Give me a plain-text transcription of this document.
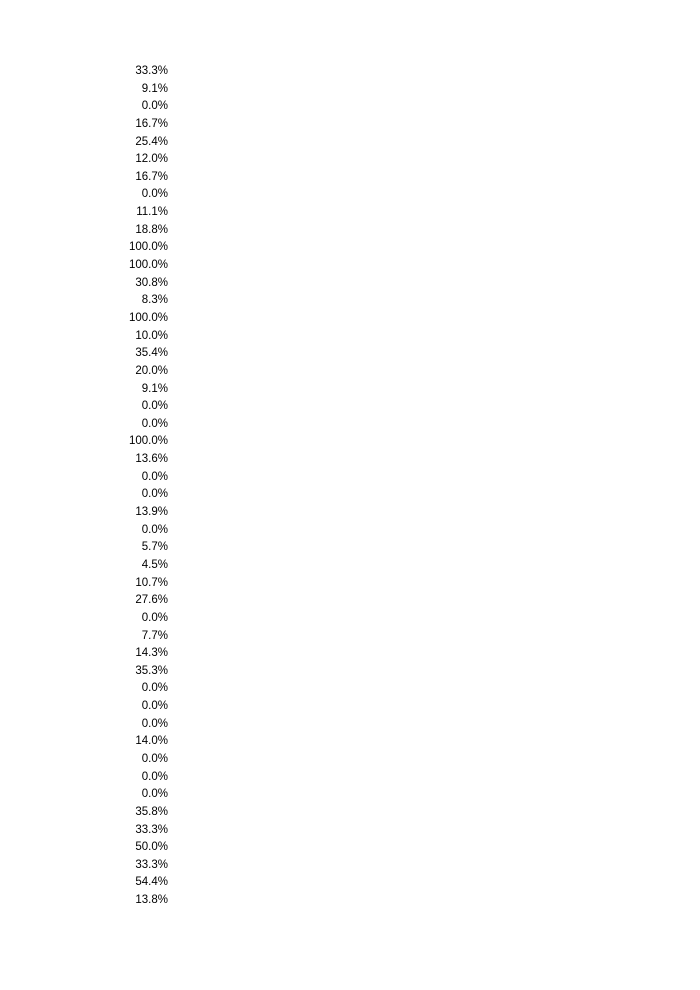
33.3%
9.1%
0.0%
16.7%
25.4%
12.0%
16.7%
0.0%
11.1%
18.8%
100.0%
100.0%
30.8%
8.3%
100.0%
10.0%
35.4%
20.0%
9.1%
0.0%
0.0%
100.0%
13.6%
0.0%
0.0%
13.9%
0.0%
5.7%
4.5%
10.7%
27.6%
0.0%
7.7%
14.3%
35.3%
0.0%
0.0%
0.0%
14.0%
0.0%
0.0%
0.0%
35.8%
33.3%
50.0%
33.3%
54.4%
13.8%
